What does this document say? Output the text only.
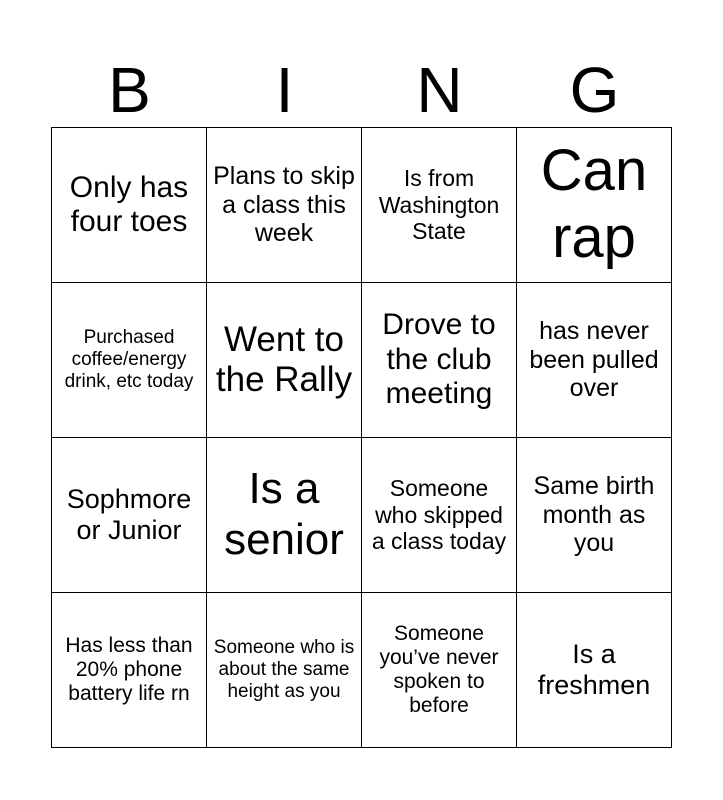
B	I	N	G
Only has four toes	Plans to skip a class this week	Is from Washington State	Can rap
Purchased coffee/energy drink, etc today	Went to the Rally	Drove to the club meeting	has never been pulled over
Sophmore or Junior	Is a senior	Someone who skipped a class today	Same birth month as you
Has less than 20% phone battery life rn	Someone who is about the same height as you	Someone you’ve never spoken to before	Is a freshmen
